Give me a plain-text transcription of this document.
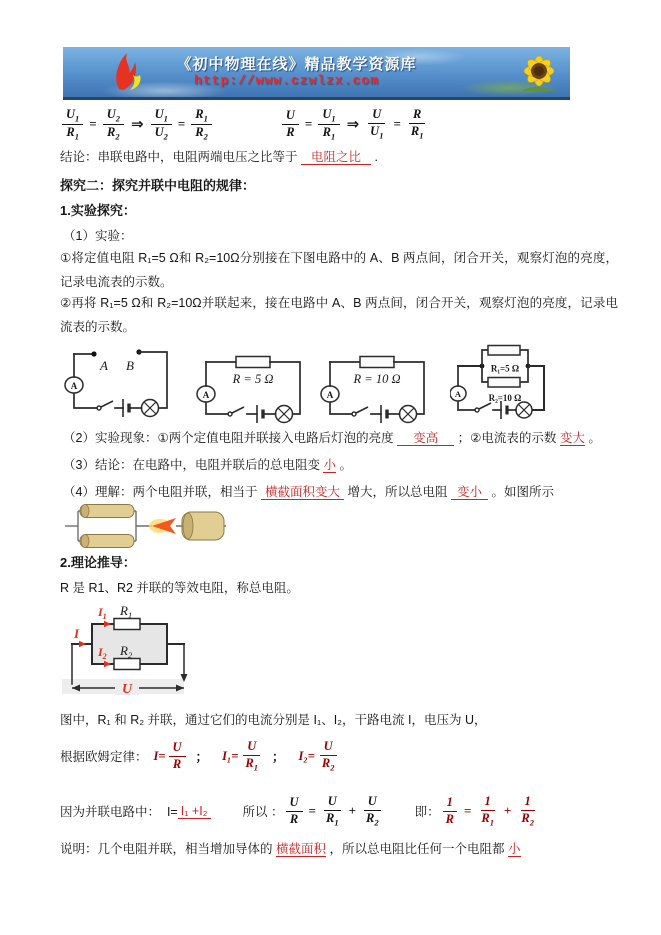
《初中物理在线》精品教学资源库
http://www.czwlzx.com
$\frac{U_1}{R_1} = \frac{U_2}{R_2}$ ⇒ $\frac{U_1}{U_2} = \frac{R_1}{R_2}$	$\frac{U}{R} = \frac{U_1}{R_1}$ ⇒ $\frac{U}{U_1} = \frac{R}{R_1}$
结论：串联电路中，电阻两端电压之比等于 电阻之比 .
探究二：探究并联中电阻的规律：
1.实验探究：
（1）实验：
①将定值电阻 R₁=5 Ω和 R₂=10Ω分别接在下图电路中的 A、B 两点间，闭合开关，观察灯泡的亮度，记录电流表的示数。
②再将 R₁=5 Ω和 R₂=10Ω并联起来，接在电路中 A、B 两点间，闭合开关，观察灯泡的亮度，记录电流表的示数。
A B
A	R = 5 Ω
A
R = 10 Ω
A
R₁=5 Ω
R₂=10 Ω
A
（2）实验现象：①两个定值电阻并联接入电路后灯泡的亮度 变高 ；②电流表的示数 变大 。
（3）结论：在电路中，电阻并联后的总电阻变 小 。
（4）理解：两个电阻并联，相当于 横截面积变大 增大，所以总电阻 变小 。如图所示
2.理论推导：
R 是 R1、R2 并联的等效电阻，称总电阻。
U
$R_1$
$R_2$
$I_1$
$I_2$
I
图中，R₁ 和 R₂ 并联，通过它们的电流分别是 I₁、I₂，干路电流 I，电压为 U，
根据欧姆定律： $I= \frac{U}{R}$ ； $I_1= \frac{U}{R_1}$ ； $I_2= \frac{U}{R_2}$
因为并联电路中：  I= I₁ +I₂	所以 ： $\frac{U}{R} = \frac{U}{R_1} + \frac{U}{R_2}$	即： $\frac{1}{R} = \frac{1}{R_1} + \frac{1}{R_2}$
说明：几个电阻并联，相当增加导体的 横截面积 ，所以总电阻比任何一个电阻都 小
